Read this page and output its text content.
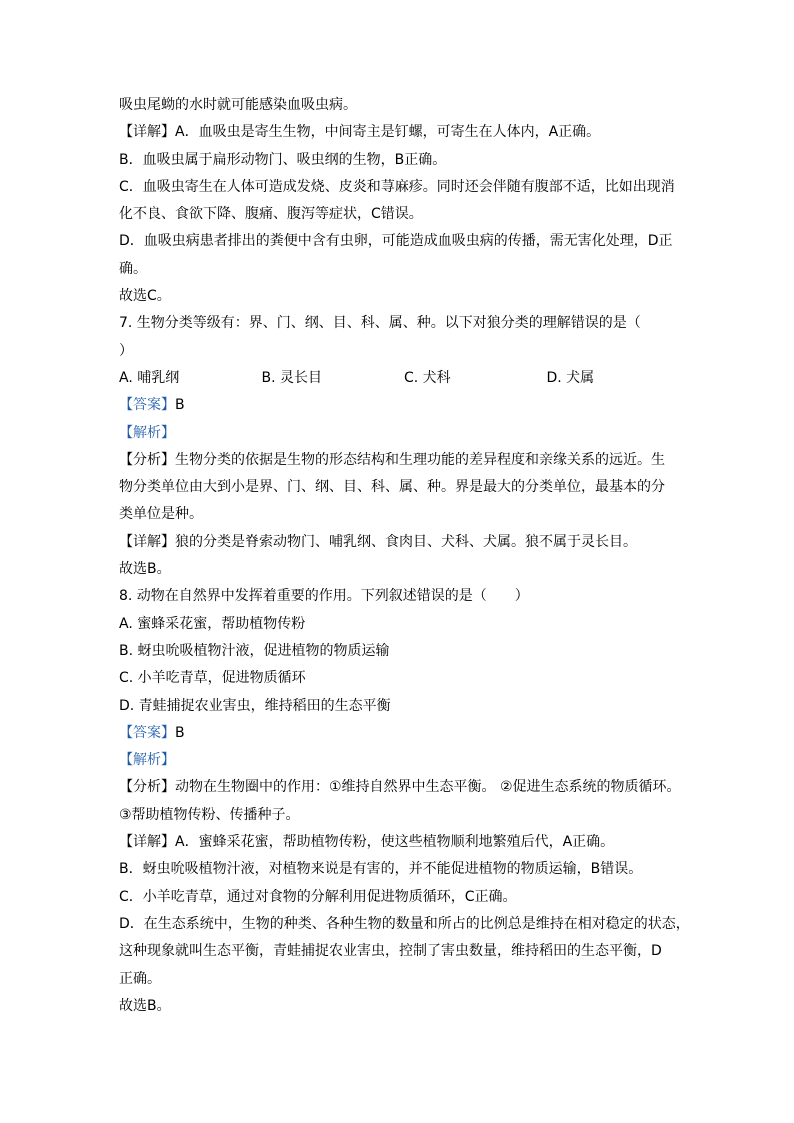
吸虫尾蚴的水时就可能感染血吸虫病。
【详解】A．血吸虫是寄生生物，中间寄主是钉螺，可寄生在人体内，A正确。
B．血吸虫属于扁形动物门、吸虫纲的生物，B正确。
C．血吸虫寄生在人体可造成发烧、皮炎和荨麻疹。同时还会伴随有腹部不适，比如出现消
化不良、食欲下降、腹痛、腹泻等症状，C错误。
D．血吸虫病患者排出的粪便中含有虫卵，可能造成血吸虫病的传播，需无害化处理，D正
确。
故选C。
7. 生物分类等级有：界、门、纲、目、科、属、种。以下对狼分类的理解错误的是（
）
A. 哺乳纲	B. 灵长目	C. 犬科	D. 犬属
【答案】B
【解析】
【分析】生物分类的依据是生物的形态结构和生理功能的差异程度和亲缘关系的远近。生
物分类单位由大到小是界、门、纲、目、科、属、种。界是最大的分类单位，最基本的分
类单位是种。
【详解】狼的分类是脊索动物门、哺乳纲、食肉目、犬科、犬属。狼不属于灵长目。
故选B。
8. 动物在自然界中发挥着重要的作用。下列叙述错误的是（　　）
A. 蜜蜂采花蜜，帮助植物传粉
B. 蚜虫吮吸植物汁液，促进植物的物质运输
C. 小羊吃青草，促进物质循环
D. 青蛙捕捉农业害虫，维持稻田的生态平衡
【答案】B
【解析】
【分析】动物在生物圈中的作用：①维持自然界中生态平衡。 ②促进生态系统的物质循环。
③帮助植物传粉、传播种子。
【详解】A．蜜蜂采花蜜，帮助植物传粉，使这些植物顺利地繁殖后代，A正确。
B．蚜虫吮吸植物汁液，对植物来说是有害的，并不能促进植物的物质运输，B错误。
C．小羊吃青草，通过对食物的分解利用促进物质循环，C正确。
D．在生态系统中，生物的种类、各种生物的数量和所占的比例总是维持在相对稳定的状态，
这种现象就叫生态平衡，青蛙捕捉农业害虫，控制了害虫数量，维持稻田的生态平衡，D
正确。
故选B。
